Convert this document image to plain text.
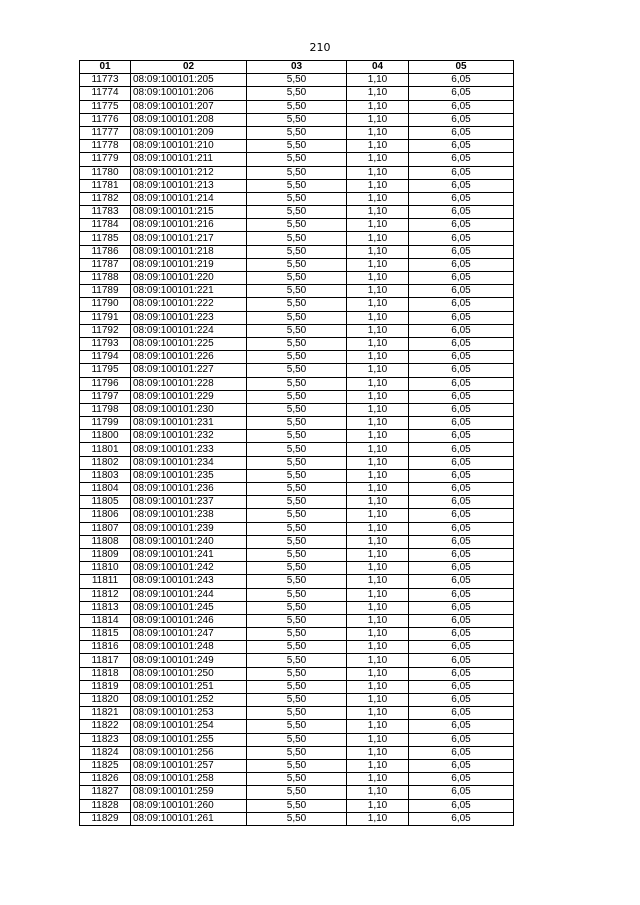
210
01	02	03	04	05
11773	08:09:100101:205	5,50	1,10	6,05
11774	08:09:100101:206	5,50	1,10	6,05
11775	08:09:100101:207	5,50	1,10	6,05
11776	08:09:100101:208	5,50	1,10	6,05
11777	08:09:100101:209	5,50	1,10	6,05
11778	08:09:100101:210	5,50	1,10	6,05
11779	08:09:100101:211	5,50	1,10	6,05
11780	08:09:100101:212	5,50	1,10	6,05
11781	08:09:100101:213	5,50	1,10	6,05
11782	08:09:100101:214	5,50	1,10	6,05
11783	08:09:100101:215	5,50	1,10	6,05
11784	08:09:100101:216	5,50	1,10	6,05
11785	08:09:100101:217	5,50	1,10	6,05
11786	08:09:100101:218	5,50	1,10	6,05
11787	08:09:100101:219	5,50	1,10	6,05
11788	08:09:100101:220	5,50	1,10	6,05
11789	08:09:100101:221	5,50	1,10	6,05
11790	08:09:100101:222	5,50	1,10	6,05
11791	08:09:100101:223	5,50	1,10	6,05
11792	08:09:100101:224	5,50	1,10	6,05
11793	08:09:100101:225	5,50	1,10	6,05
11794	08:09:100101:226	5,50	1,10	6,05
11795	08:09:100101:227	5,50	1,10	6,05
11796	08:09:100101:228	5,50	1,10	6,05
11797	08:09:100101:229	5,50	1,10	6,05
11798	08:09:100101:230	5,50	1,10	6,05
11799	08:09:100101:231	5,50	1,10	6,05
11800	08:09:100101:232	5,50	1,10	6,05
11801	08:09:100101:233	5,50	1,10	6,05
11802	08:09:100101:234	5,50	1,10	6,05
11803	08:09:100101:235	5,50	1,10	6,05
11804	08:09:100101:236	5,50	1,10	6,05
11805	08:09:100101:237	5,50	1,10	6,05
11806	08:09:100101:238	5,50	1,10	6,05
11807	08:09:100101:239	5,50	1,10	6,05
11808	08:09:100101:240	5,50	1,10	6,05
11809	08:09:100101:241	5,50	1,10	6,05
11810	08:09:100101:242	5,50	1,10	6,05
11811	08:09:100101:243	5,50	1,10	6,05
11812	08:09:100101:244	5,50	1,10	6,05
11813	08:09:100101:245	5,50	1,10	6,05
11814	08:09:100101:246	5,50	1,10	6,05
11815	08:09:100101:247	5,50	1,10	6,05
11816	08:09:100101:248	5,50	1,10	6,05
11817	08:09:100101:249	5,50	1,10	6,05
11818	08:09:100101:250	5,50	1,10	6,05
11819	08:09:100101:251	5,50	1,10	6,05
11820	08:09:100101:252	5,50	1,10	6,05
11821	08:09:100101:253	5,50	1,10	6,05
11822	08:09:100101:254	5,50	1,10	6,05
11823	08:09:100101:255	5,50	1,10	6,05
11824	08:09:100101:256	5,50	1,10	6,05
11825	08:09:100101:257	5,50	1,10	6,05
11826	08:09:100101:258	5,50	1,10	6,05
11827	08:09:100101:259	5,50	1,10	6,05
11828	08:09:100101:260	5,50	1,10	6,05
11829	08:09:100101:261	5,50	1,10	6,05
